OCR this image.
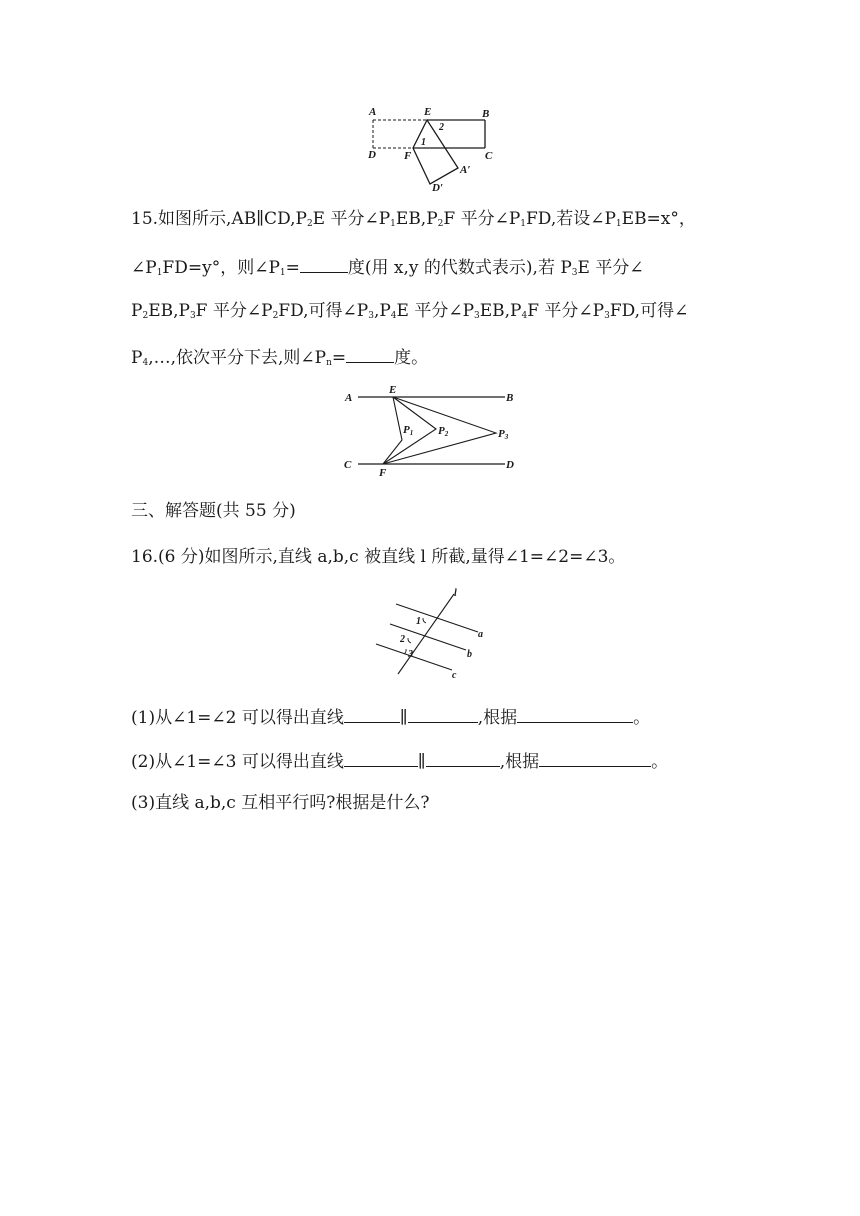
A	E	B
D	F	C
A′
D′
1
2
15.如图所示$,AB\parallel CD,P_2E$ 平分$\angle P_1EB,P_2F$ 平分$\angle P_1FD$,若设$\angle P_1EB=x^\circ$，
$\angle P_1FD=y^\circ$，则$\angle P_1=$	度(用 x,y 的代数式表示),若 $P_3E$ 平分∠
$P_2EB,P_3F$ 平分$\angle P_2FD$,可得$\angle P_3,P_4E$ 平分$\angle P_3EB,P_4F$ 平分$\angle P_3FD$,可得∠
$P_4,\dots$,依次平分下去,则$\angle P_n=$	度。
A
E
B
P1 P2	P3
C
F
D
三、解答题(共 55 分)
16.(6 分)如图所示,直线 a,b,c 被直线 l 所截,量得∠1=∠2=∠3。
l
a
b
c
1
2
3
(1)从∠1=∠2 可以得出直线	∥	,根据	。
(2)从∠1=∠3 可以得出直线	∥	,根据	。
(3)直线 a,b,c 互相平行吗?根据是什么?
